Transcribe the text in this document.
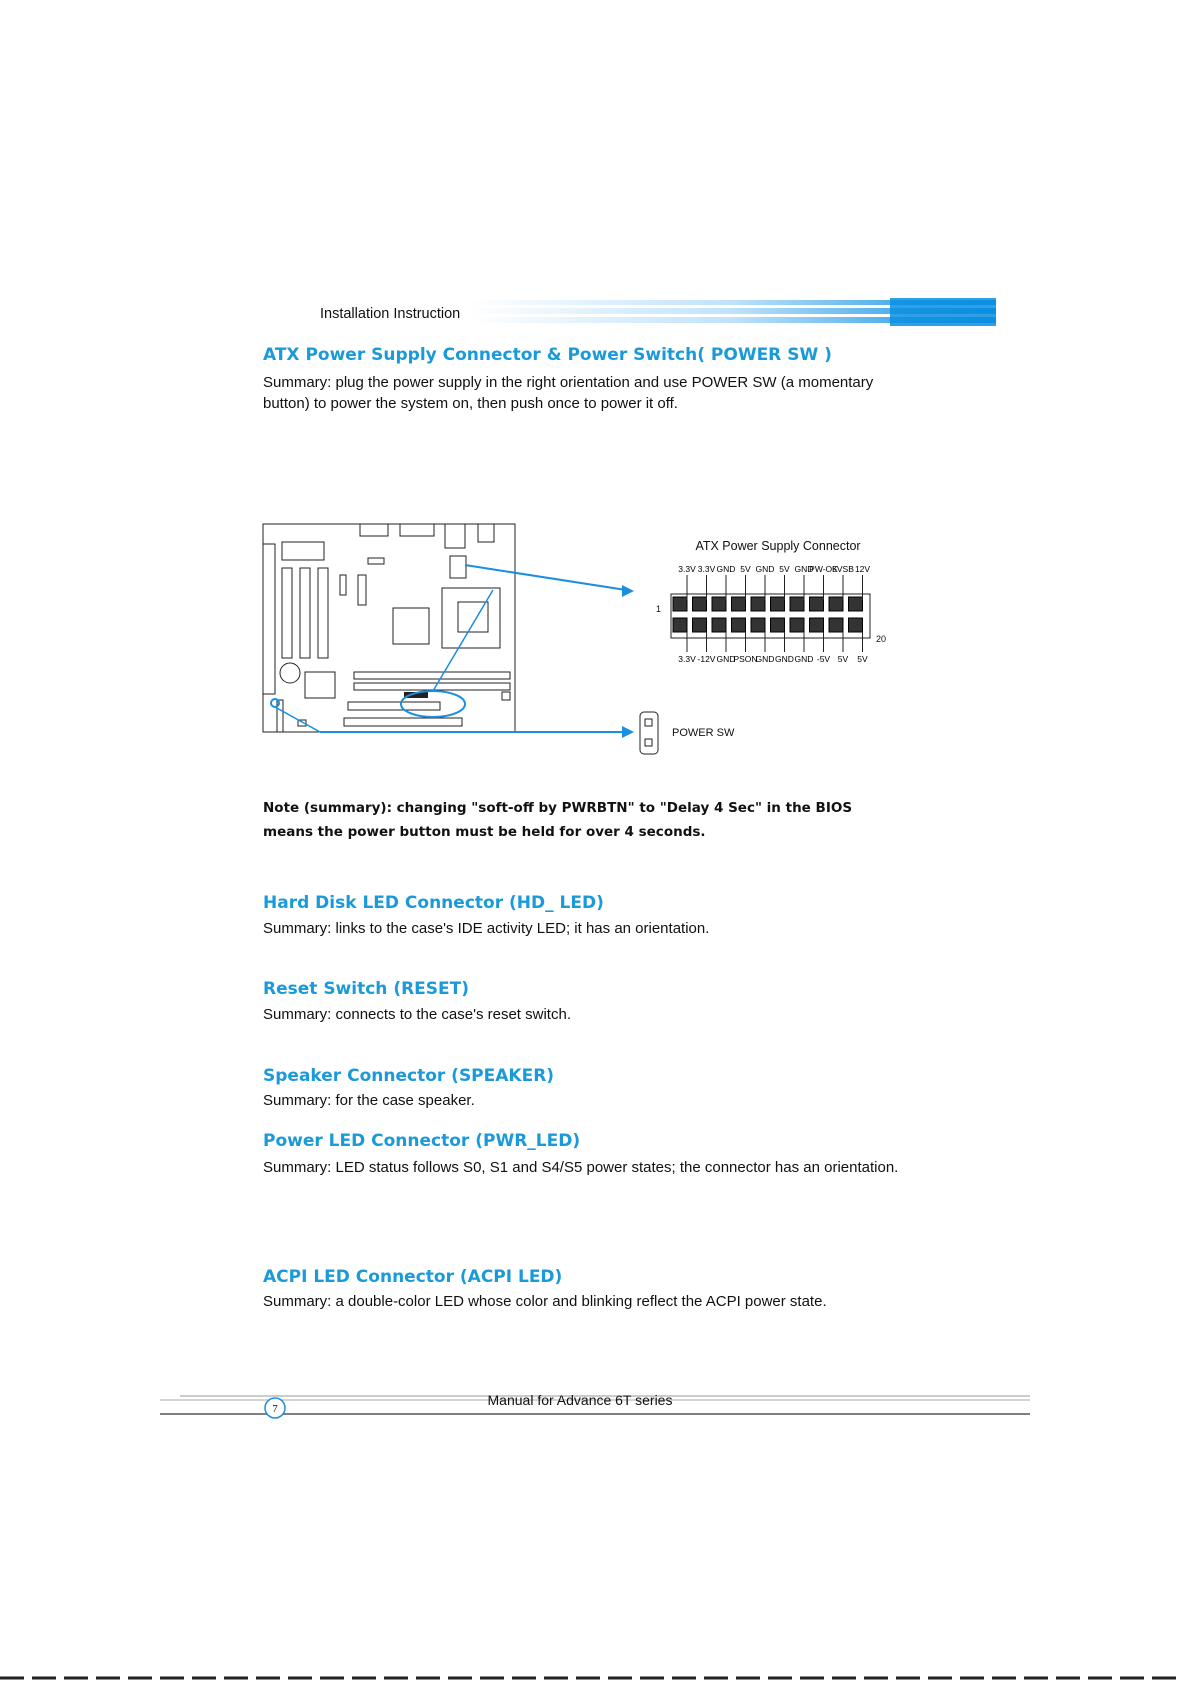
Installation Instruction
ATX Power Supply Connector & Power Switch( POWER SW )
Summary: plug the power supply in the right orientation and use POWER SW (a momentary button) to power the system on, then push once to power it off.
ATX Power Supply Connector
3.3V 3.3V GND 5V GND 5V GND
PW-OK
5VSB 12V
3.3V -12V GND
PSON
GND GND GND -5V 5V 5V
1
20
POWER SW
Note (summary): changing "soft-off by PWRBTN" to "Delay 4 Sec" in the BIOS means the power button must be held for over 4 seconds.
Hard Disk LED Connector (HD_ LED)
Summary: links to the case's IDE activity LED; it has an orientation.
Reset Switch (RESET)
Summary: connects to the case's reset switch.
Speaker Connector (SPEAKER)
Summary: for the case speaker.
Power LED Connector (PWR_LED)
Summary: LED status follows S0, S1 and S4/S5 power states; the connector has an orientation.
ACPI LED Connector (ACPI LED)
Summary: a double-color LED whose color and blinking reflect the ACPI power state.
7
Manual for Advance 6T series
